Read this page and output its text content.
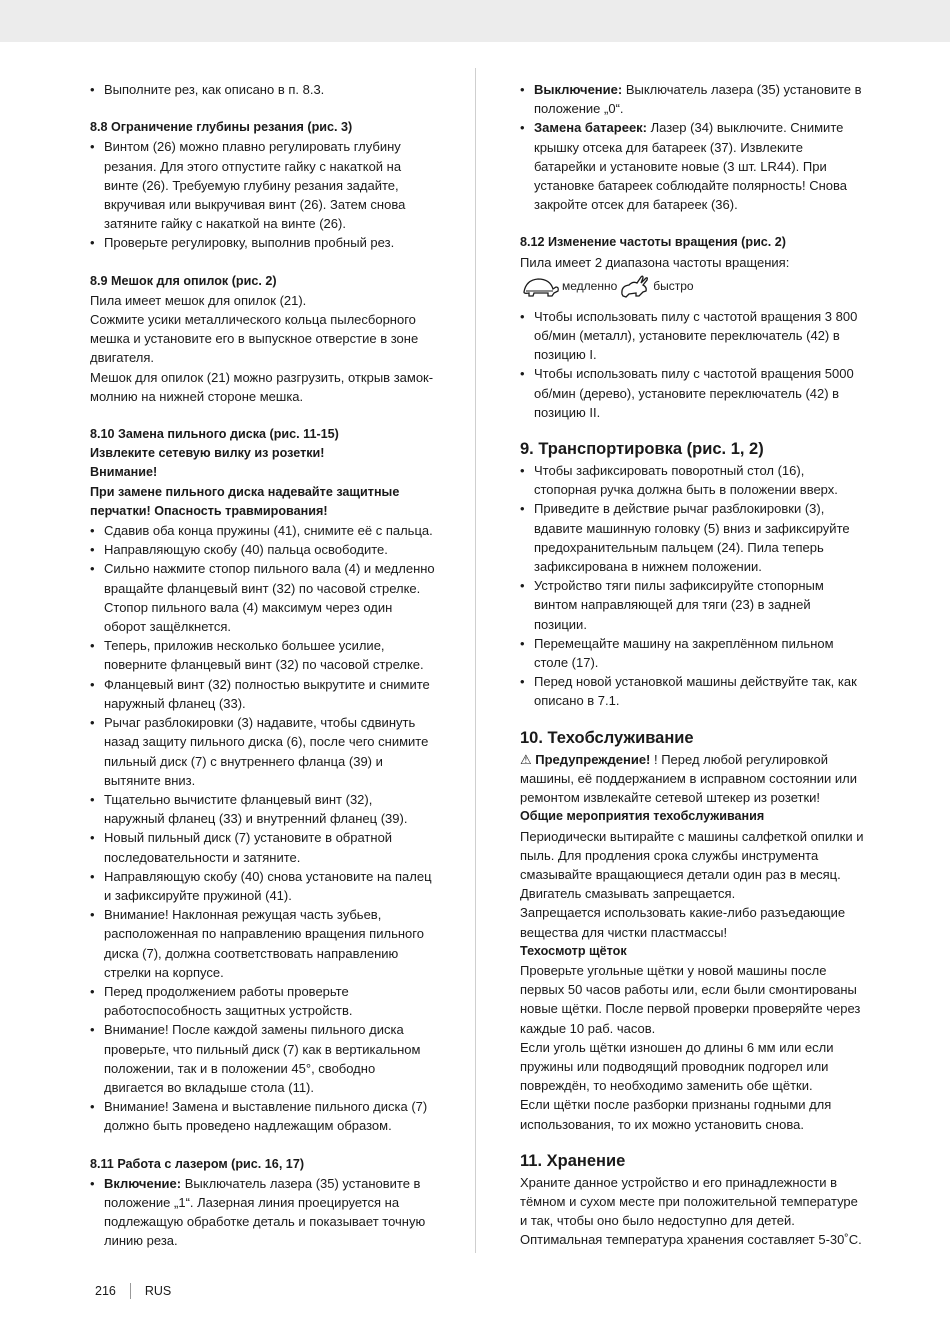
• Выполните рез, как описано в п. 8.3.

8.8 Ограничение глубины резания (рис. 3)

• Винтом (26) можно плавно регулировать глубину резания. Для этого отпустите гайку с накаткой на винте (26). Требуемую глубину резания задайте, вкручивая или выкручивая винт (26). Затем снова затяните гайку с накаткой на винте (26).
• Проверьте регулировку, выполнив пробный рез.

8.9 Мешок для опилок (рис. 2)

Пила имеет мешок для опилок (21).

Сожмите усики металлического кольца пылесборного мешка и установите его в выпускное отверстие в зоне двигателя.

Мешок для опилок (21) можно разгрузить, открыв замок-молнию на нижней стороне мешка.

8.10 Замена пильного диска (рис. 11-15)

Извлеките сетевую вилку из розетки!

Внимание!

При замене пильного диска надевайте защитные перчатки! Опасность травмирования!

• Сдавив оба конца пружины (41), снимите её с пальца.
• Направляющую скобу (40) пальца освободите.
• Сильно нажмите стопор пильного вала (4) и медленно вращайте фланцевый винт (32) по часовой стрелке. Стопор пильного вала (4) максимум через один оборот защёлкнется.
• Теперь, приложив несколько большее усилие, поверните фланцевый винт (32) по часовой стрелке.
• Фланцевый винт (32) полностью выкрутите и снимите наружный фланец (33).
• Рычаг разблокировки (3) надавите, чтобы сдвинуть назад защиту пильного диска (6), после чего снимите пильный диск (7) с внутреннего фланца (39) и вытяните вниз.
• Тщательно вычистите фланцевый винт (32), наружный фланец (33) и внутренний фланец (39).
• Новый пильный диск (7) установите в обратной последовательности и затяните.
• Направляющую скобу (40) снова установите на палец и зафиксируйте пружиной (41).
• Внимание! Наклонная режущая часть зубьев, расположенная по направлению вращения пильного диска (7), должна соответствовать направлению стрелки на корпусе.
• Перед продолжением работы проверьте работоспособность защитных устройств.
• Внимание! После каждой замены пильного диска проверьте, что пильный диск (7) как в вертикальном положении, так и в положении 45°, свободно двигается во вкладыше стола (11).
• Внимание! Замена и выставление пильного диска (7) должно быть проведено надлежащим образом.

8.11 Работа с лазером (рис. 16, 17)

• Включение: Выключатель лазера (35) установите в положение „1“. Лазерная линия проецируется на подлежащую обработке деталь и показывает точную линию реза.
• Выключение: Выключатель лазера (35) установите в положение „0“.
• Замена батареек: Лазер (34) выключите. Снимите крышку отсека для батареек (37). Извлеките батарейки и установите новые (3 шт. LR44). При установке батареек соблюдайте полярность! Снова закройте отсек для батареек (36).

8.12 Изменение частоты вращения (рис. 2)

Пила имеет 2 диапазона частоты вращения:

медленно	быстро
• Чтобы использовать пилу с частотой вращения 3 800 об/мин (металл), установите переключатель (42) в позицию I.
• Чтобы использовать пилу с частотой вращения 5000 об/мин (дерево), установите переключатель (42) в позицию II.

9. Транспортировка (рис. 1, 2)

• Чтобы зафиксировать поворотный стол (16), стопорная ручка должна быть в положении вверх.
• Приведите в действие рычаг разблокировки (3), вдавите машинную головку (5) вниз и зафиксируйте предохранительным пальцем (24). Пила теперь зафиксирована в нижнем положении.
• Устройство тяги пилы зафиксируйте стопорным винтом направляющей для тяги (23) в задней позиции.
• Перемещайте машину на закреплённом пильном столе (17).
• Перед новой установкой машины действуйте так, как описано в 7.1.

10. Техобслуживание

⚠ Предупреждение! ! Перед любой регулировкой машины, её поддержанием в исправном состоянии или ремонтом извлекайте сетевой штекер из розетки!

Общие мероприятия техобслуживания

Периодически вытирайте с машины салфеткой опилки и пыль. Для продления срока службы инструмента смазывайте вращающиеся детали один раз в месяц. Двигатель смазывать запрещается.

Запрещается использовать какие-либо разъедающие вещества для чистки пластмассы!

Техосмотр щёток

Проверьте угольные щётки у новой машины после первых 50 часов работы или, если были смонтированы новые щётки. После первой проверки проверяйте через каждые 10 раб. часов.

Если уголь щётки изношен до длины 6 мм или если пружины или подводящий проводник подгорел или повреждён, то необходимо заменить обе щётки.

Если щётки после разборки признаны годными для использования, то их можно установить снова.

11. Хранение

Храните данное устройство и его принадлежности в тёмном и сухом месте при положительной температуре и так, чтобы оно было недоступно для детей. Оптимальная температура хранения составляет 5-30˚C.

216 RUS
